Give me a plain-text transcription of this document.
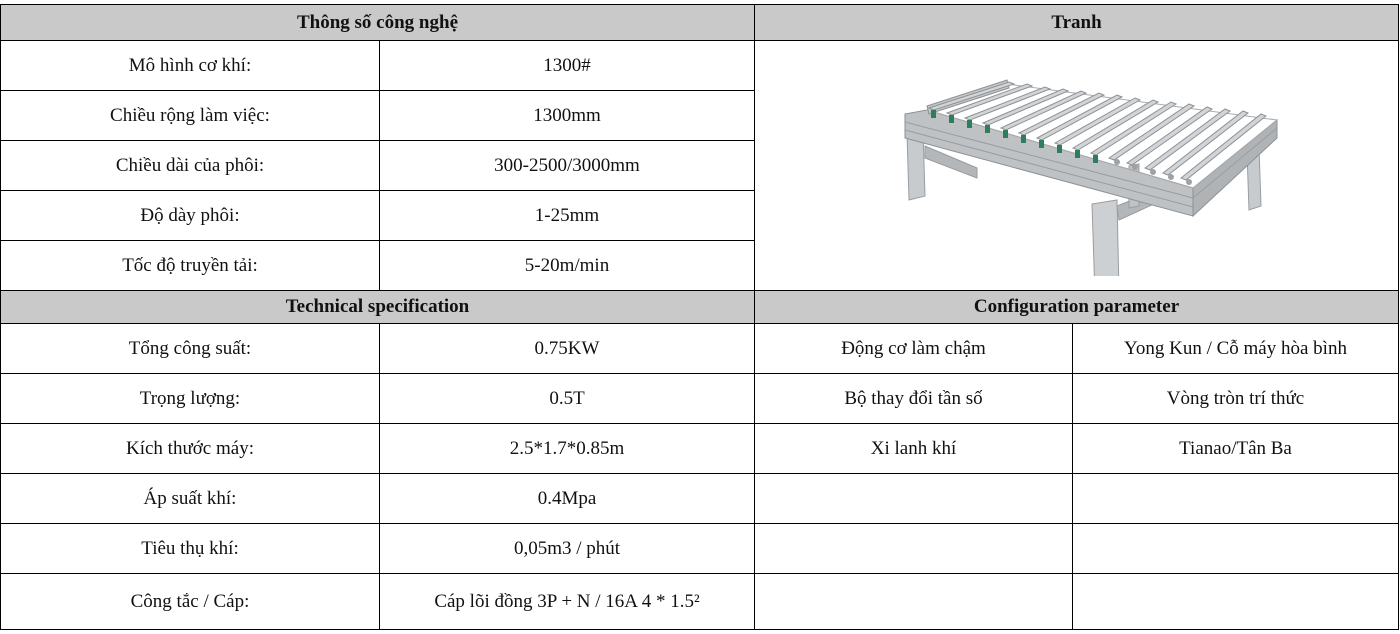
Thông số công nghệ		Tranh	
Mô hình cơ khí:	1300#	

Chiều rộng làm việc:	1300mm		
Chiều dài của phôi:	300-2500/3000mm		
Độ dày phôi:	1-25mm		
Tốc độ truyền tải:	5-20m/min		
Technical specification		Configuration parameter	
Tổng công suất:	0.75KW	Động cơ làm chậm	Yong Kun / Cỗ máy hòa bình
Trọng lượng:	0.5T	Bộ thay đổi tần số	Vòng tròn trí thức
Kích thước máy:	2.5*1.7*0.85m	Xi lanh khí	Tianao/Tân Ba
Áp suất khí:	0.4Mpa		
Tiêu thụ khí:	0,05m3 / phút		
Công tắc / Cáp:	Cáp lõi đồng 3P + N / 16A 4 * 1.5²		
